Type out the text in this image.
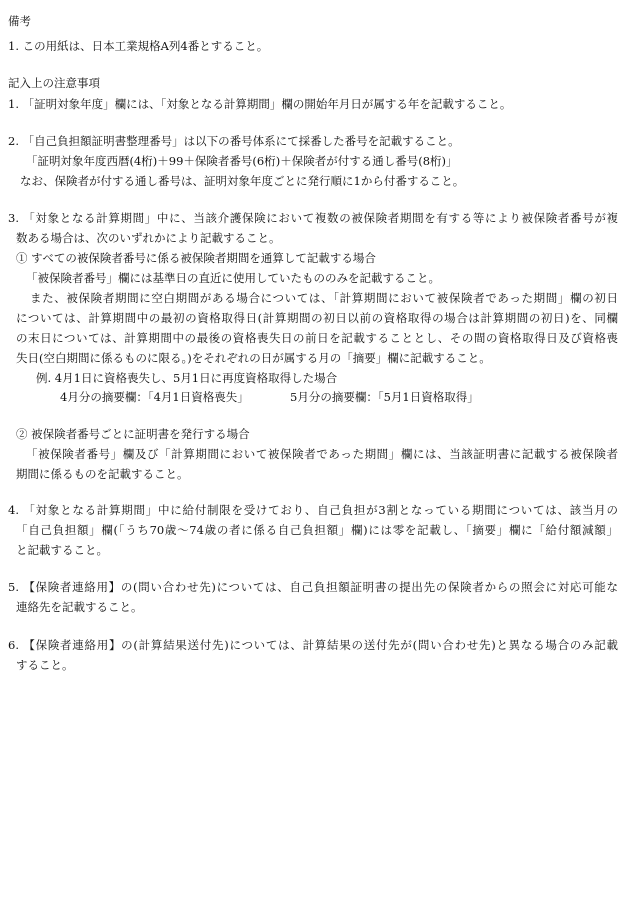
備考
1. この用紙は、日本工業規格A列4番とすること。
記入上の注意事項
1. 「証明対象年度」欄には、「対象となる計算期間」欄の開始年月日が属する年を記載すること。
2. 「自己負担額証明書整理番号」は以下の番号体系にて採番した番号を記載すること。
「証明対象年度西暦(4桁)＋99＋保険者番号(6桁)＋保険者が付する通し番号(8桁)」
なお、保険者が付する通し番号は、証明対象年度ごとに発行順に1から付番すること。
3. 「対象となる計算期間」中に、当該介護保険において複数の被保険者期間を有する等により被保険者番号が複
数ある場合は、次のいずれかにより記載すること。
① すべての被保険者番号に係る被保険者期間を通算して記載する場合
「被保険者番号」欄には基準日の直近に使用していたもののみを記載すること。
また、被保険者期間に空白期間がある場合については、「計算期間において被保険者であった期間」欄の初日
については、計算期間中の最初の資格取得日(計算期間の初日以前の資格取得の場合は計算期間の初日)を、同欄
の末日については、計算期間中の最後の資格喪失日の前日を記載することとし、その間の資格取得日及び資格喪
失日(空白期間に係るものに限る。)をそれぞれの日が属する月の「摘要」欄に記載すること。
例. 4月1日に資格喪失し、5月1日に再度資格取得した場合
4月分の摘要欄：「4月1日資格喪失」	5月分の摘要欄：「5月1日資格取得」
② 被保険者番号ごとに証明書を発行する場合
「被保険者番号」欄及び「計算期間において被保険者であった期間」欄には、当該証明書に記載する被保険者
期間に係るものを記載すること。
4. 「対象となる計算期間」中に給付制限を受けており、自己負担が3割となっている期間については、該当月の
「自己負担額」欄(「うち70歳～74歳の者に係る自己負担額」欄)には零を記載し、「摘要」欄に「給付額減額」
と記載すること。
5. 【保険者連絡用】の(問い合わせ先)については、自己負担額証明書の提出先の保険者からの照会に対応可能な
連絡先を記載すること。
6. 【保険者連絡用】の(計算結果送付先)については、計算結果の送付先が(問い合わせ先)と異なる場合のみ記載
すること。
